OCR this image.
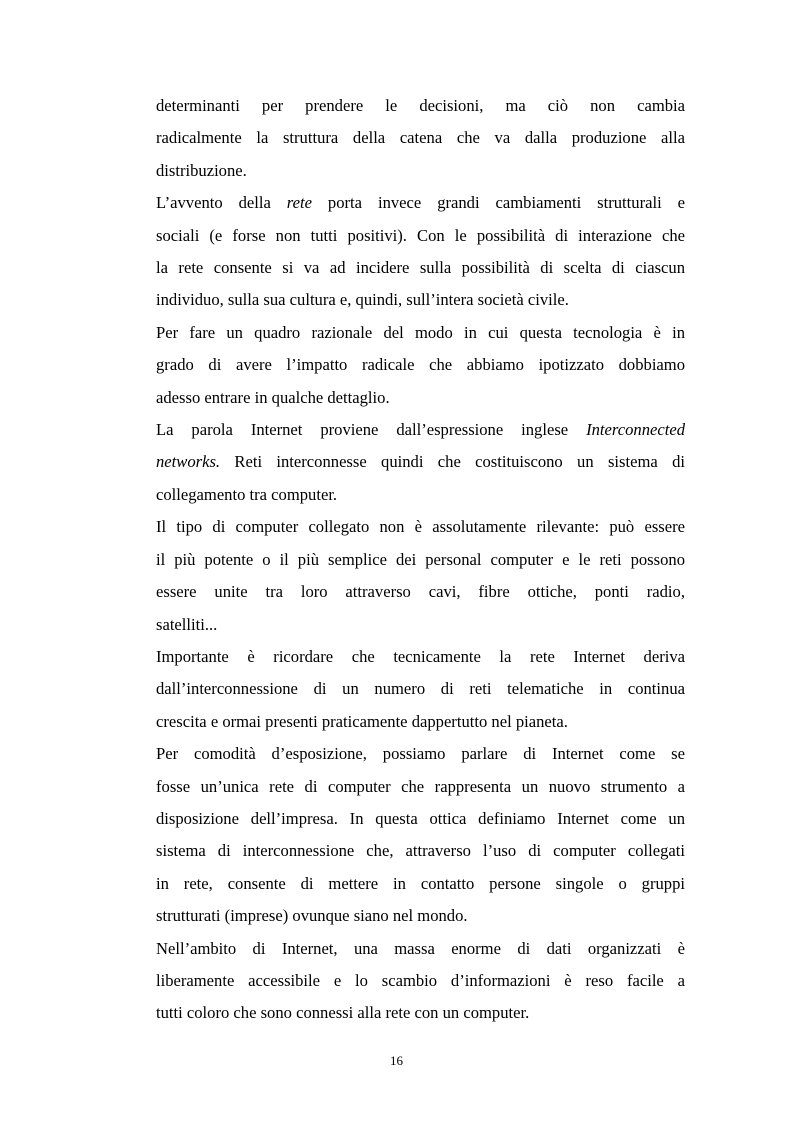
determinanti per prendere le decisioni, ma ciò non cambia
radicalmente la struttura della catena che va dalla produzione alla
distribuzione.
L’avvento della rete porta invece grandi cambiamenti strutturali e
sociali (e forse non tutti positivi). Con le possibilità di interazione che
la rete consente si va ad incidere sulla possibilità di scelta di ciascun
individuo, sulla sua cultura e, quindi, sull’intera società civile.
Per fare un quadro razionale del modo in cui questa tecnologia è in
grado di avere l’impatto radicale che abbiamo ipotizzato dobbiamo
adesso entrare in qualche dettaglio.
La parola Internet proviene dall’espressione inglese Interconnected
networks. Reti interconnesse quindi che costituiscono un sistema di
collegamento tra computer.
Il tipo di computer collegato non è assolutamente rilevante: può essere
il più potente o il più semplice dei personal computer e le reti possono
essere unite tra loro attraverso cavi, fibre ottiche, ponti radio,
satelliti...
Importante è ricordare che tecnicamente la rete Internet deriva
dall’interconnessione di un numero di reti telematiche in continua
crescita e ormai presenti praticamente dappertutto nel pianeta.
Per comodità d’esposizione, possiamo parlare di Internet come se
fosse un’unica rete di computer che rappresenta un nuovo strumento a
disposizione dell’impresa. In questa ottica definiamo Internet come un
sistema di interconnessione che, attraverso l’uso di computer collegati
in rete, consente di mettere in contatto persone singole o gruppi
strutturati (imprese) ovunque siano nel mondo.
Nell’ambito di Internet, una massa enorme di dati organizzati è
liberamente accessibile e lo scambio d’informazioni è reso facile a
tutti coloro che sono connessi alla rete con un computer.
16
